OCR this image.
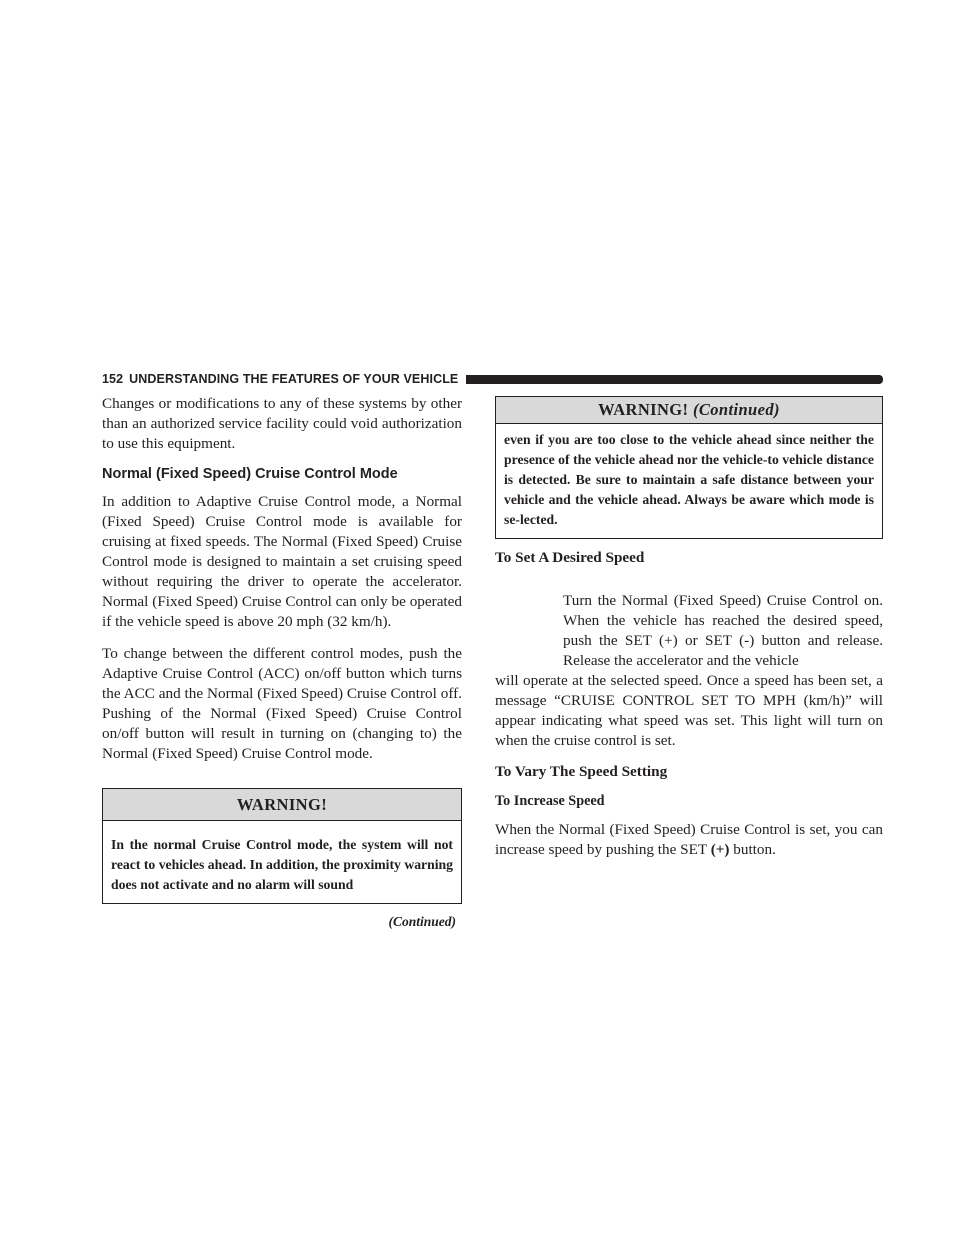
152 UNDERSTANDING THE FEATURES OF YOUR VEHICLE

Changes or modifications to any of these systems by other than an authorized service facility could void authorization to use this equipment.

Normal (Fixed Speed) Cruise Control Mode

In addition to Adaptive Cruise Control mode, a Normal (Fixed Speed) Cruise Control mode is available for cruising at fixed speeds. The Normal (Fixed Speed) Cruise Control mode is designed to maintain a set cruising speed without requiring the driver to operate the accelerator. Normal (Fixed Speed) Cruise Control can only be operated if the vehicle speed is above 20 mph (32 km/h).

To change between the different control modes, push the Adaptive Cruise Control (ACC) on/off button which turns the ACC and the Normal (Fixed Speed) Cruise Control off. Pushing of the Normal (Fixed Speed) Cruise Control on/off button will result in turning on (changing to) the Normal (Fixed Speed) Cruise Control mode.

WARNING!
In the normal Cruise Control mode, the system will not react to vehicles ahead. In addition, the proximity warning does not activate and no alarm will sound
(Continued)
WARNING! (Continued)
even if you are too close to the vehicle ahead since neither the presence of the vehicle ahead nor the vehicle-to vehicle distance is detected. Be sure to maintain a safe distance between your vehicle and the vehicle ahead. Always be aware which mode is se-lected.
To Set A Desired Speed

Turn the Normal (Fixed Speed) Cruise Control on. When the vehicle has reached the desired speed, push the SET (+) or SET (-) button and release. Release the accelerator and the vehicle

will operate at the selected speed. Once a speed has been set, a message “CRUISE CONTROL SET TO MPH (km/h)” will appear indicating what speed was set. This light will turn on when the cruise control is set.

To Vary The Speed Setting
To Increase Speed

When the Normal (Fixed Speed) Cruise Control is set, you can increase speed by pushing the SET (+) button.
